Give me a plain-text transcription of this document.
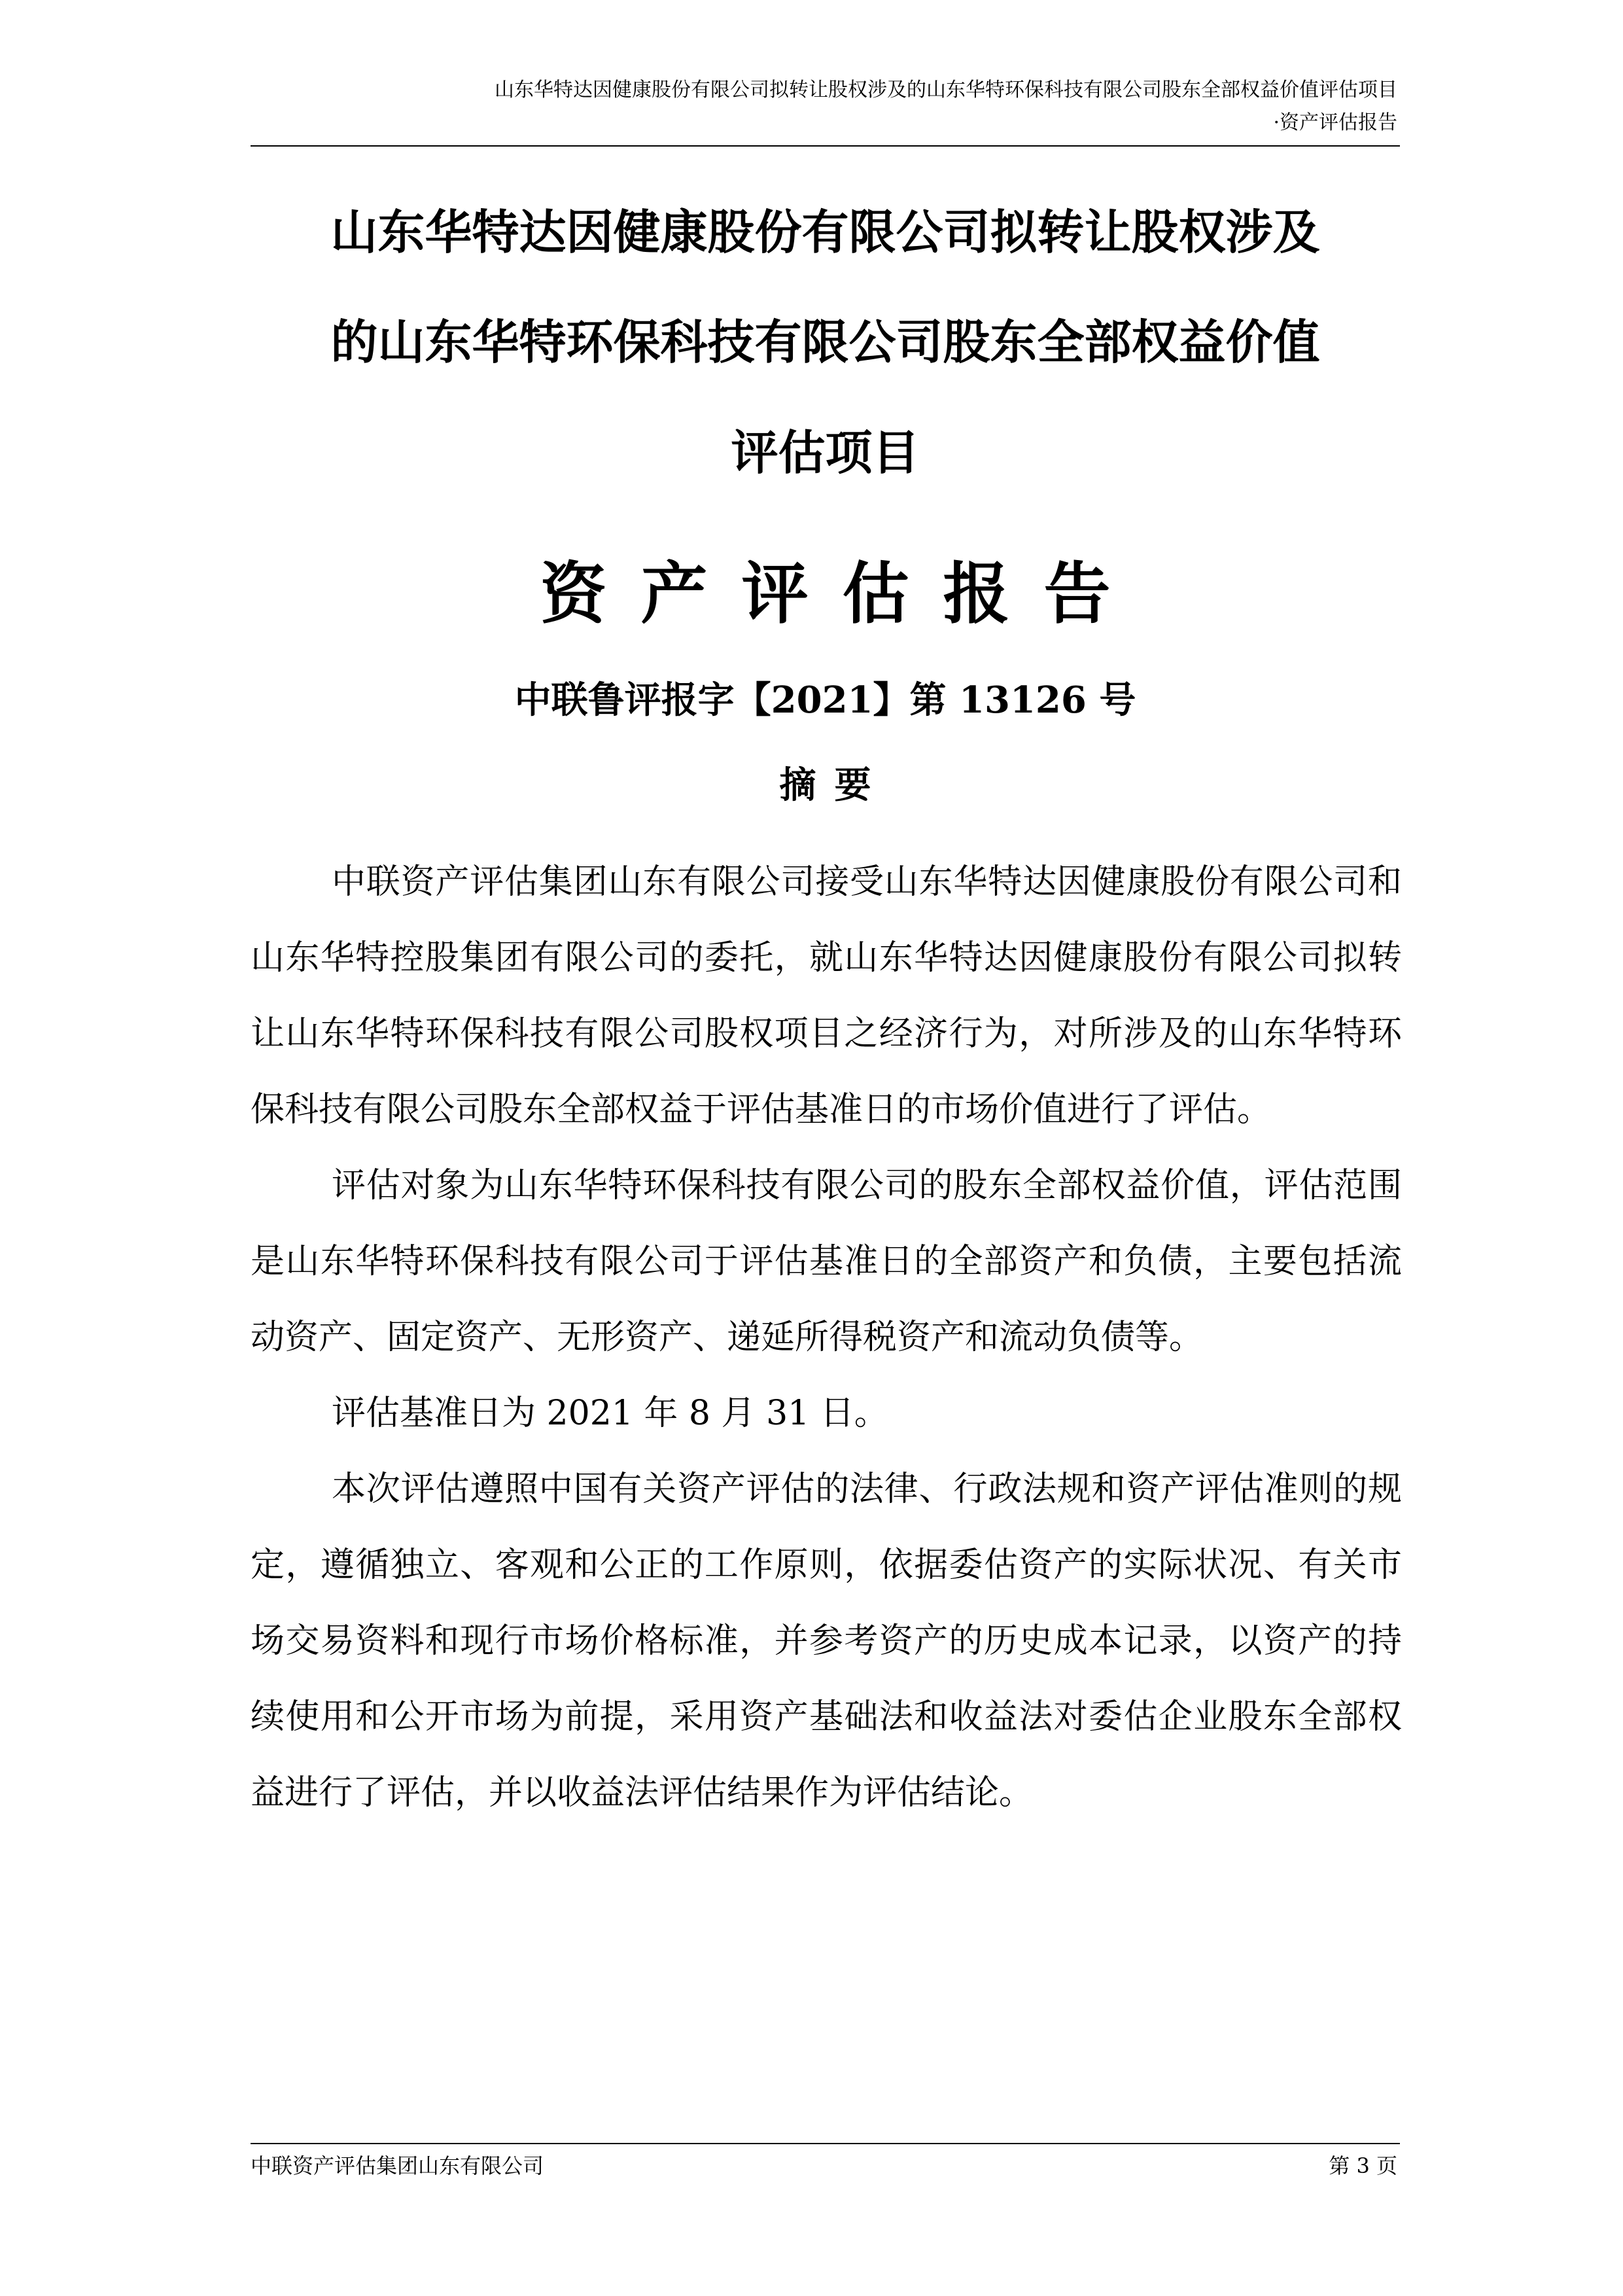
山东华特达因健康股份有限公司拟转让股权涉及的山东华特环保科技有限公司股东全部权益价值评估项目
·资产评估报告
山东华特达因健康股份有限公司拟转让股权涉及
的山东华特环保科技有限公司股东全部权益价值
评估项目
资产评估报告
中联鲁评报字【2021】第 13126 号
摘要

中联资产评估集团山东有限公司接受山东华特达因健康股份有限公司和山东华特控股集团有限公司的委托，就山东华特达因健康股份有限公司拟转让山东华特环保科技有限公司股权项目之经济行为，对所涉及的山东华特环保科技有限公司股东全部权益于评估基准日的市场价值进行了评估。

评估对象为山东华特环保科技有限公司的股东全部权益价值，评估范围是山东华特环保科技有限公司于评估基准日的全部资产和负债，主要包括流动资产、固定资产、无形资产、递延所得税资产和流动负债等。

评估基准日为 2021 年 8 月 31 日。

本次评估遵照中国有关资产评估的法律、行政法规和资产评估准则的规定，遵循独立、客观和公正的工作原则，依据委估资产的实际状况、有关市场交易资料和现行市场价格标准，并参考资产的历史成本记录，以资产的持续使用和公开市场为前提，采用资产基础法和收益法对委估企业股东全部权益进行了评估，并以收益法评估结果作为评估结论。

中联资产评估集团山东有限公司	第 3 页
